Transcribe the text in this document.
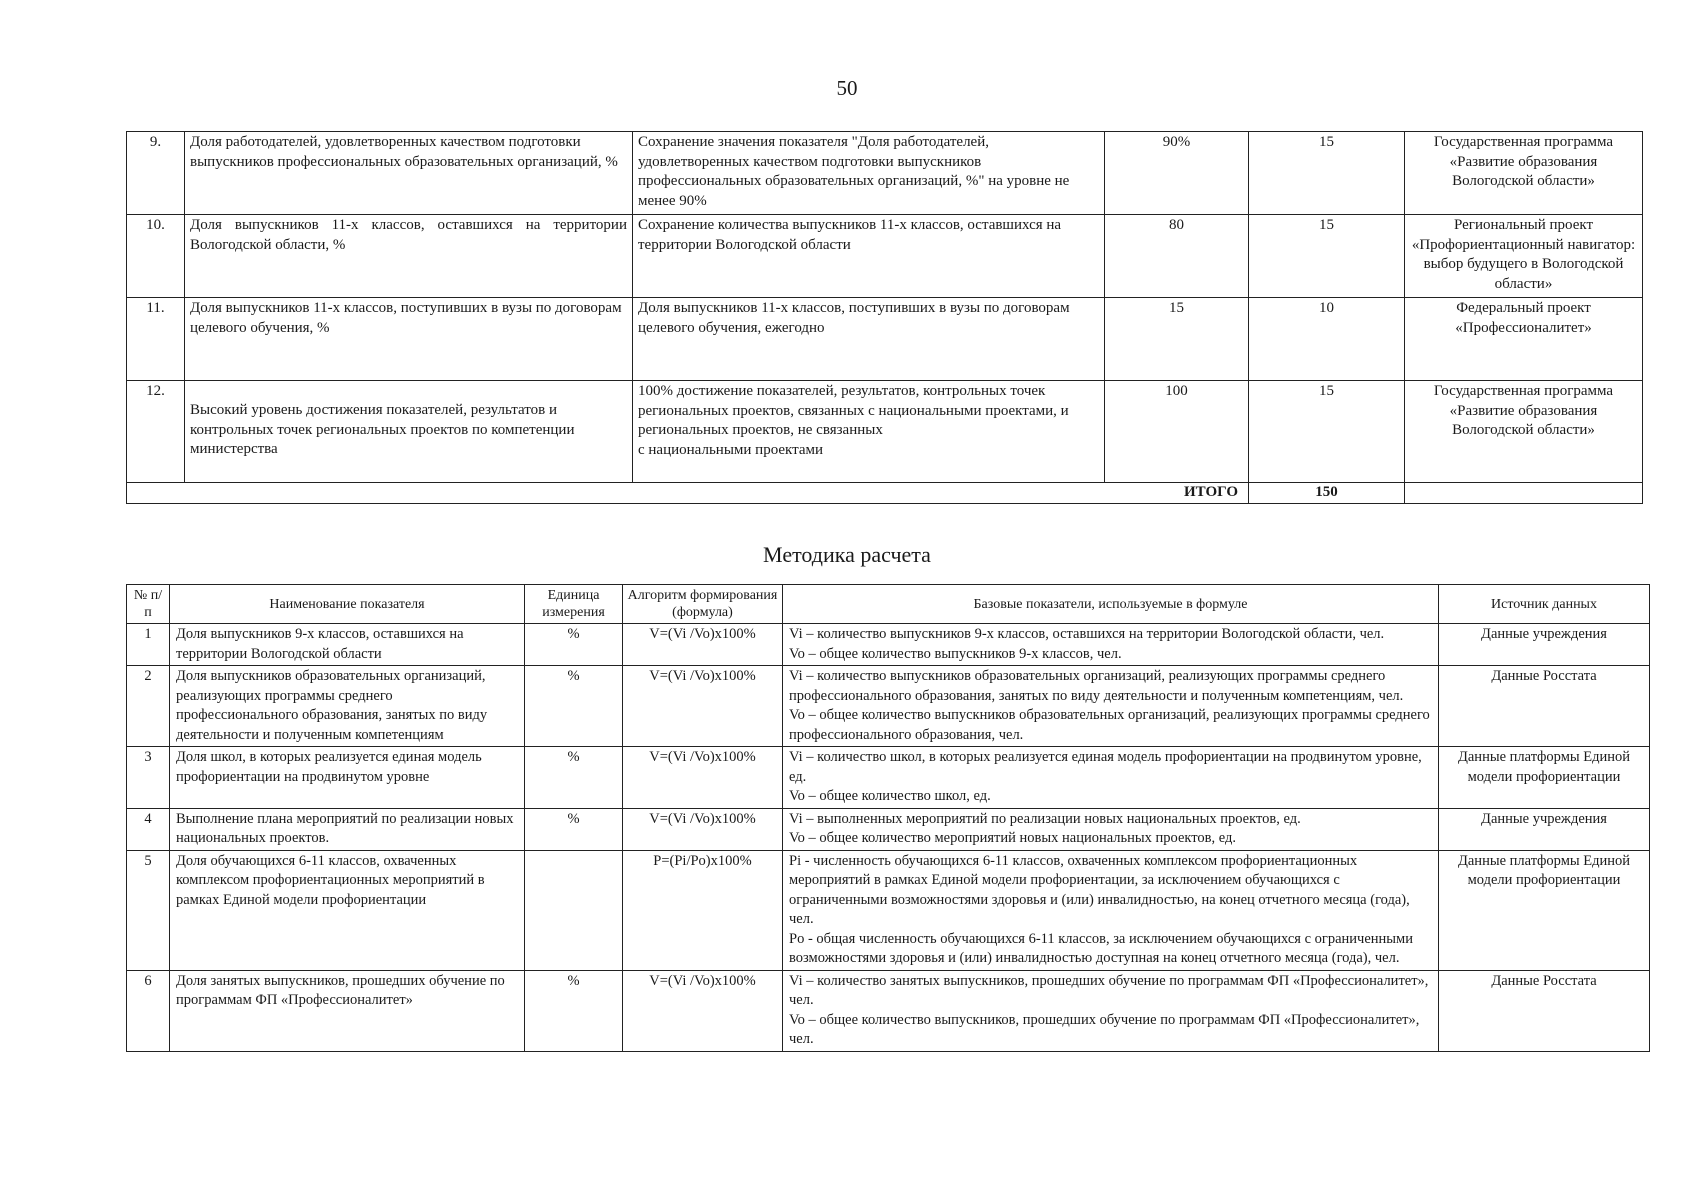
50
9.	Доля работодателей, удовлетворенных качеством подготовки выпускников профессиональных образовательных организаций, %	Сохранение значения показателя "Доля работодателей, удовлетворенных качеством подготовки выпускников профессиональных образовательных организаций, %" на уровне не менее 90%	90%	15	Государственная программа «Развитие образования Вологодской области»
10.	Доля выпускников 11-х классов, оставшихся на территории Вологодской области, %	Сохранение количества выпускников 11-х классов, оставшихся на территории Вологодской области	80	15	Региональный проект «Профориентационный навигатор: выбор будущего в Вологодской области»
11.	Доля выпускников 11-х классов, поступивших в вузы по договорам целевого обучения, %	Доля выпускников 11-х классов, поступивших в вузы по договорам целевого обучения, ежегодно	15	10	Федеральный проект «Профессионалитет»
12.	Высокий уровень достижения показателей, результатов и контрольных точек региональных проектов по компетенции министерства	100% достижение показателей, результатов, контрольных точек региональных проектов, связанных с национальными проектами, и региональных проектов, не связанных
с национальными проектами	100	15	Государственная программа «Развитие образования Вологодской области»
ИТОГО				150	
Методика расчета
№ п/ п	Наименование показателя	Единица измерения	Алгоритм формирования (формула)	Базовые показатели, используемые в формуле	Источник данных
1	Доля выпускников 9-х классов, оставшихся на территории Вологодской области	%	V=(Vi /Vo)x100%	Vi – количество выпускников 9-х классов, оставшихся на территории Вологодской области, чел.
Vo – общее количество выпускников 9-х классов, чел.	Данные учреждения
2	Доля выпускников образовательных организаций, реализующих программы среднего профессионального образования, занятых по виду деятельности и полученным компетенциям	%	V=(Vi /Vo)x100%	Vi – количество выпускников образовательных организаций, реализующих программы среднего профессионального образования, занятых по виду деятельности и полученным компетенциям, чел.
Vo – общее количество выпускников образовательных организаций, реализующих программы среднего профессионального образования, чел.	Данные Росстата
3	Доля школ, в которых реализуется единая модель профориентации на продвинутом уровне	%	V=(Vi /Vo)x100%	Vi – количество школ, в которых реализуется единая модель профориентации на продвинутом уровне, ед.
Vo – общее количество школ, ед.	Данные платформы Единой модели профориентации
4	Выполнение плана мероприятий по реализации новых национальных проектов.	%	V=(Vi /Vo)x100%	Vi – выполненных мероприятий по реализации новых национальных проектов, ед.
Vo – общее количество мероприятий новых национальных проектов, ед.	Данные учреждения
5	Доля обучающихся 6-11 классов, охваченных комплексом профориентационных мероприятий в рамках Единой модели профориентации		P=(Pi/Po)x100%	Pi - численность обучающихся 6-11 классов, охваченных комплексом профориентационных мероприятий в рамках Единой модели профориентации, за исключением обучающихся с ограниченными возможностями здоровья и (или) инвалидностью, на конец отчетного месяца (года), чел.
Po - общая численность обучающихся 6-11 классов, за исключением обучающихся с ограниченными возможностями здоровья и (или) инвалидностью доступная на конец отчетного месяца (года), чел.	Данные платформы Единой модели профориентации
6	Доля занятых выпускников, прошедших обучение по программам ФП «Профессионалитет»	%	V=(Vi /Vo)x100%	Vi – количество занятых выпускников, прошедших обучение по программам ФП «Профессионалитет», чел.
Vo – общее количество выпускников, прошедших обучение по программам ФП «Профессионалитет», чел.	Данные Росстата
